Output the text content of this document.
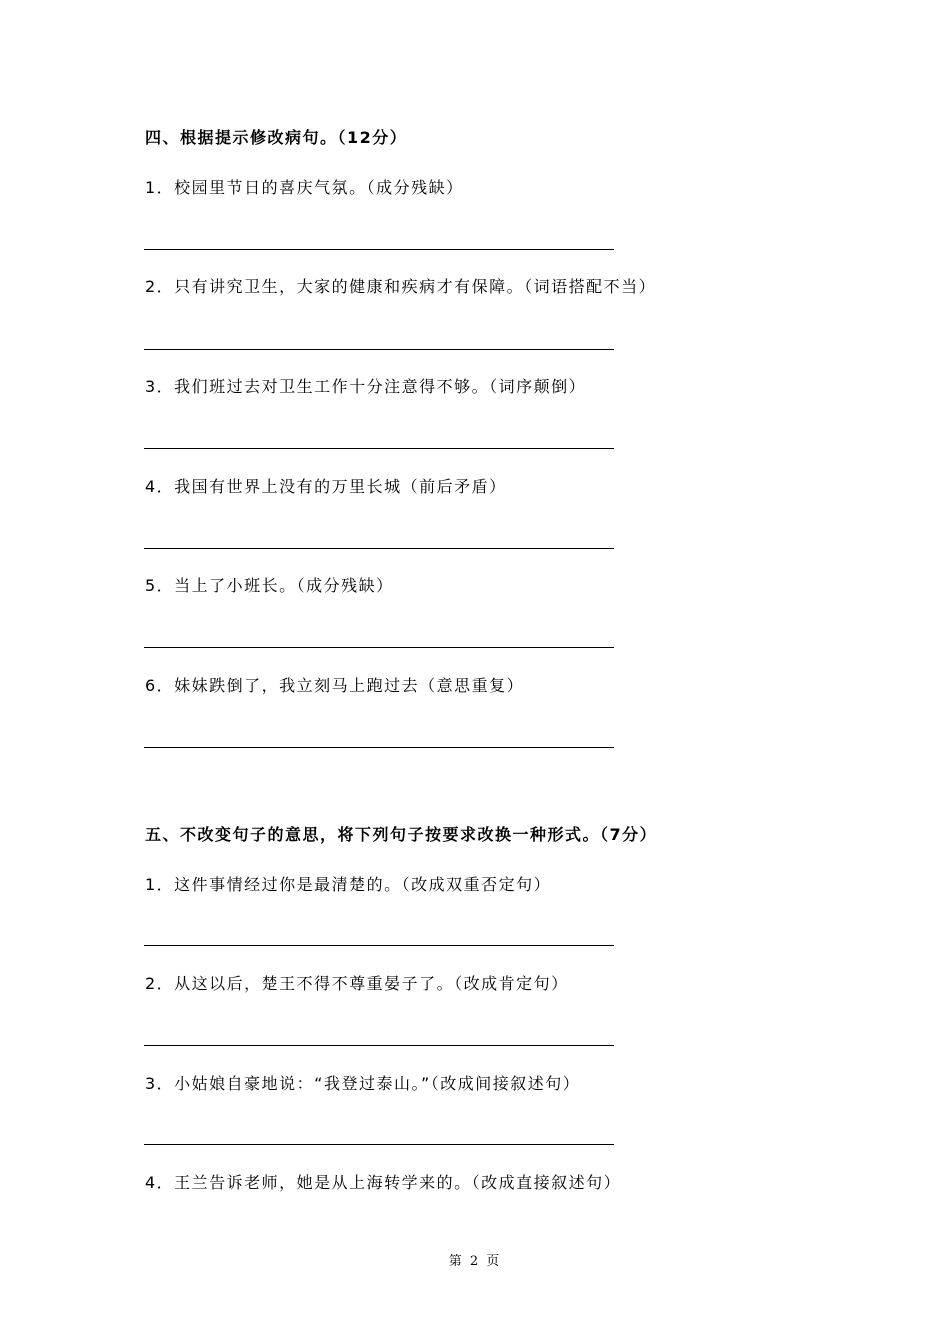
四、根据提示修改病句。（12分）
1．校园里节日的喜庆气氛。（成分残缺）
2．只有讲究卫生，大家的健康和疾病才有保障。（词语搭配不当）
3．我们班过去对卫生工作十分注意得不够。（词序颠倒）
4．我国有世界上没有的万里长城（前后矛盾）
5．当上了小班长。（成分残缺）
6．妹妹跌倒了，我立刻马上跑过去（意思重复）
五、不改变句子的意思，将下列句子按要求改换一种形式。（7分）
1．这件事情经过你是最清楚的。（改成双重否定句）
2．从这以后，楚王不得不尊重晏子了。（改成肯定句）
3．小姑娘自豪地说：“我登过泰山。”（改成间接叙述句）
4．王兰告诉老师，她是从上海转学来的。（改成直接叙述句）
第 2 页
